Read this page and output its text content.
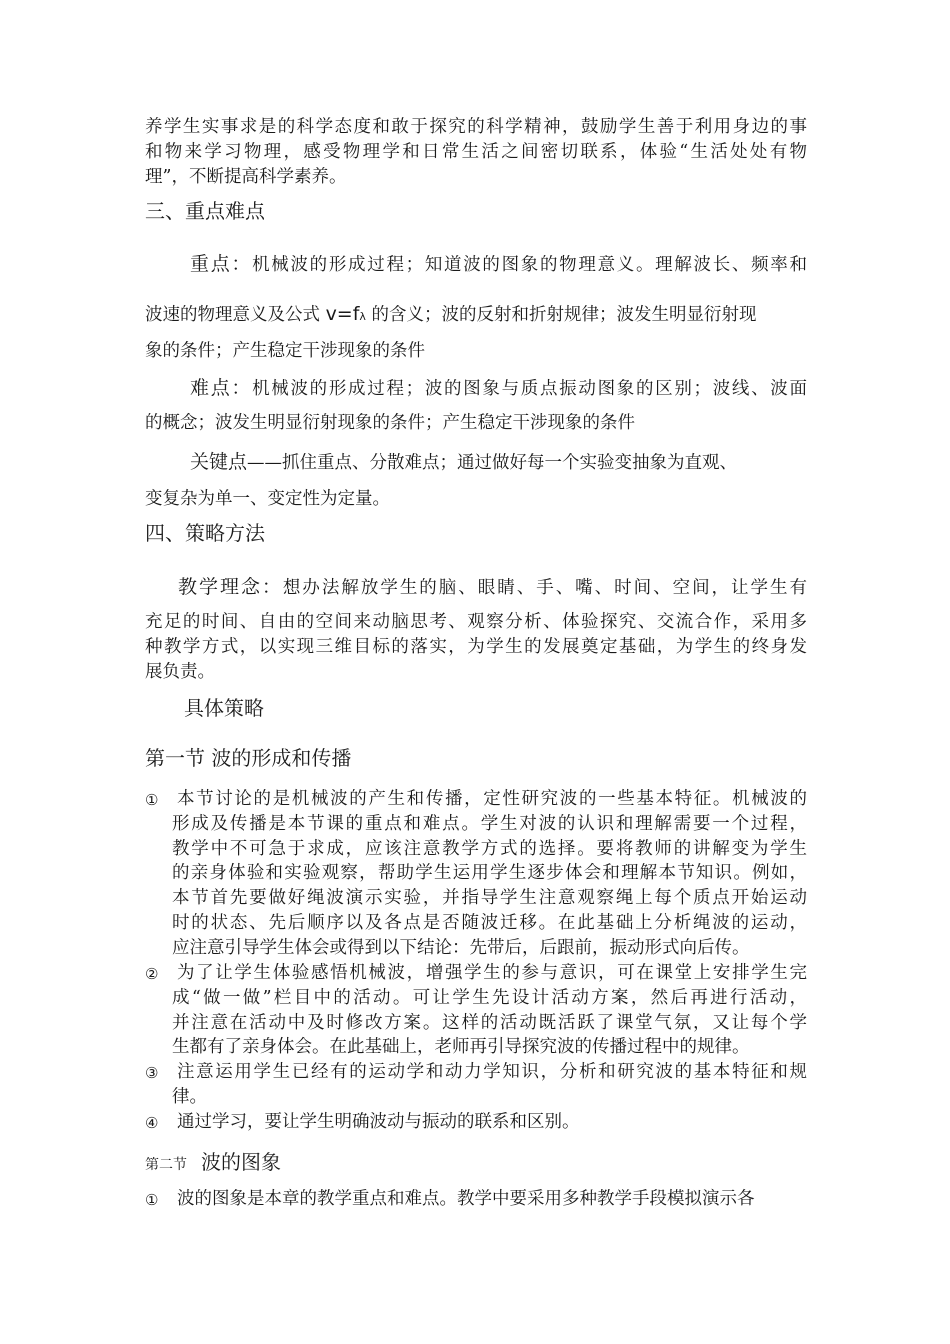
养学生实事求是的科学态度和敢于探究的科学精神，鼓励学生善于利用身边的事
和物来学习物理，感受物理学和日常生活之间密切联系，体验“生活处处有物
理”，不断提高科学素养。
三、重点难点
重点：机械波的形成过程；知道波的图象的物理意义。理解波长、频率和
波速的物理意义及公式 v=fλ 的含义；波的反射和折射规律；波发生明显衍射现
象的条件；产生稳定干涉现象的条件
难点：机械波的形成过程；波的图象与质点振动图象的区别；波线、波面
的概念；波发生明显衍射现象的条件；产生稳定干涉现象的条件
关键点——抓住重点、分散难点；通过做好每一个实验变抽象为直观、
变复杂为单一、变定性为定量。
四、策略方法
教学理念：想办法解放学生的脑、眼睛、手、嘴、时间、空间，让学生有
充足的时间、自由的空间来动脑思考、观察分析、体验探究、交流合作，采用多
种教学方式，以实现三维目标的落实，为学生的发展奠定基础，为学生的终身发
展负责。
具体策略
第一节 波的形成和传播
① 本节讨论的是机械波的产生和传播，定性研究波的一些基本特征。机械波的
形成及传播是本节课的重点和难点。学生对波的认识和理解需要一个过程，
教学中不可急于求成，应该注意教学方式的选择。要将教师的讲解变为学生
的亲身体验和实验观察，帮助学生运用学生逐步体会和理解本节知识。例如，
本节首先要做好绳波演示实验，并指导学生注意观察绳上每个质点开始运动
时的状态、先后顺序以及各点是否随波迁移。在此基础上分析绳波的运动，
应注意引导学生体会或得到以下结论：先带后，后跟前，振动形式向后传。
② 为了让学生体验感悟机械波，增强学生的参与意识，可在课堂上安排学生完
成“做一做”栏目中的活动。可让学生先设计活动方案，然后再进行活动，
并注意在活动中及时修改方案。这样的活动既活跃了课堂气氛，又让每个学
生都有了亲身体会。在此基础上，老师再引导探究波的传播过程中的规律。
③ 注意运用学生已经有的运动学和动力学知识，分析和研究波的基本特征和规
律。
④ 通过学习，要让学生明确波动与振动的联系和区别。
第二节 波的图象
① 波的图象是本章的教学重点和难点。教学中要采用多种教学手段模拟演示各
